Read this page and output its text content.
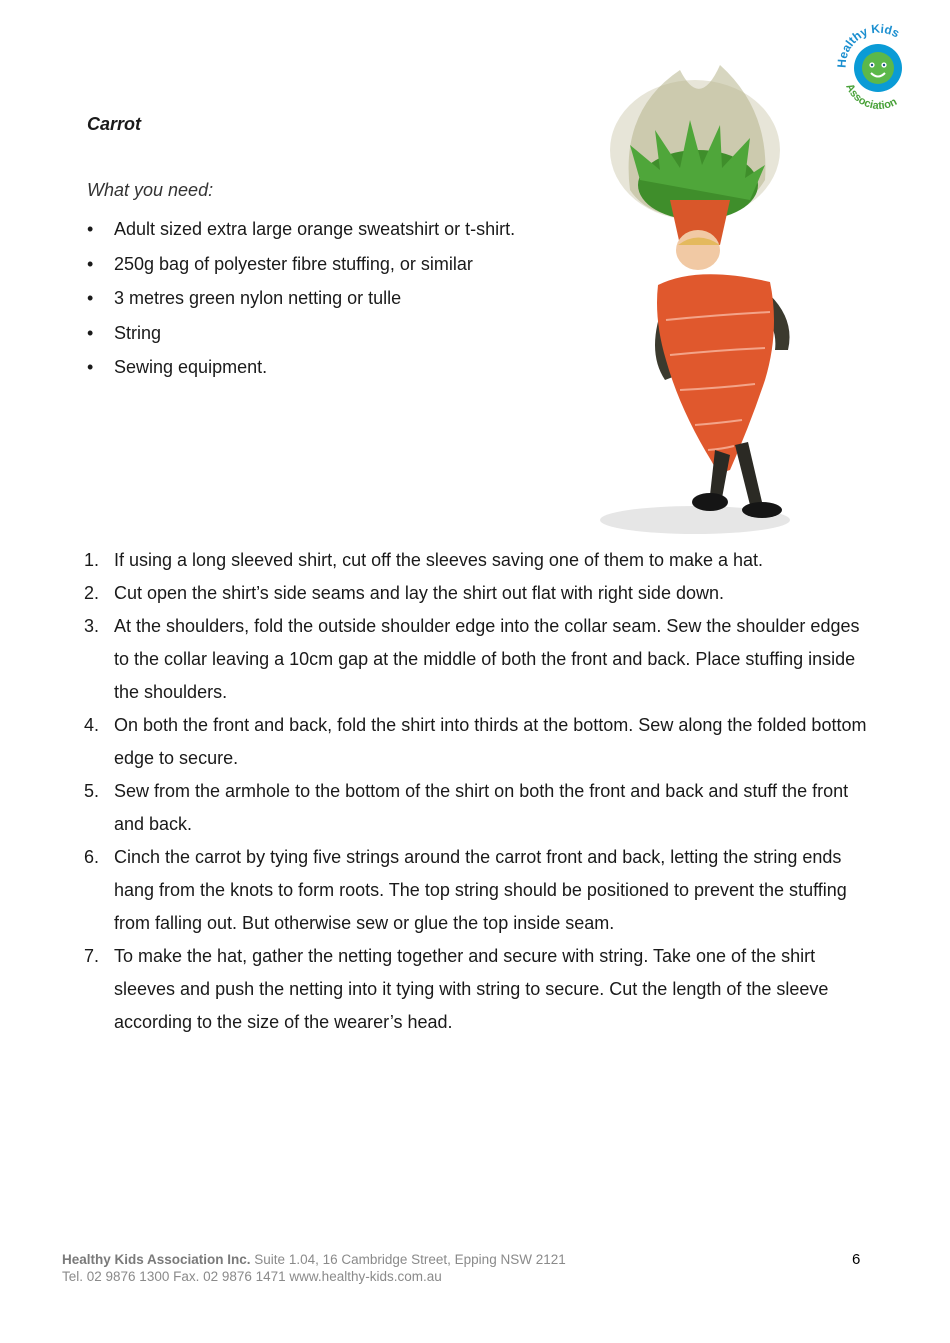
Healthy Kids
Association
Carrot

What you need:

• Adult sized extra large orange sweatshirt or t-shirt.
• 250g bag of polyester fibre stuffing, or similar
• 3 metres green nylon netting or tulle
• String
• Sewing equipment.
1. If using a long sleeved shirt, cut off the sleeves saving one of them to make a hat.
2. Cut open the shirt’s side seams and lay the shirt out flat with right side down.
3. At the shoulders, fold the outside shoulder edge into the collar seam. Sew the shoulder edges to the collar leaving a 10cm gap at the middle of both the front and back. Place stuffing inside the shoulders.
4. On both the front and back, fold the shirt into thirds at the bottom. Sew along the folded bottom edge to secure.
5. Sew from the armhole to the bottom of the shirt on both the front and back and stuff the front and back.
6. Cinch the carrot by tying five strings around the carrot front and back, letting the string ends hang from the knots to form roots. The top string should be positioned to prevent the stuffing from falling out. But otherwise sew or glue the top inside seam.
7. To make the hat, gather the netting together and secure with string. Take one of the shirt sleeves and push the netting into it tying with string to secure. Cut the length of the sleeve according to the size of the wearer’s head.
Healthy Kids Association Inc. Suite 1.04, 16 Cambridge Street, Epping NSW 2121
Tel. 02 9876 1300 Fax. 02 9876 1471 www.healthy-kids.com.au
6
